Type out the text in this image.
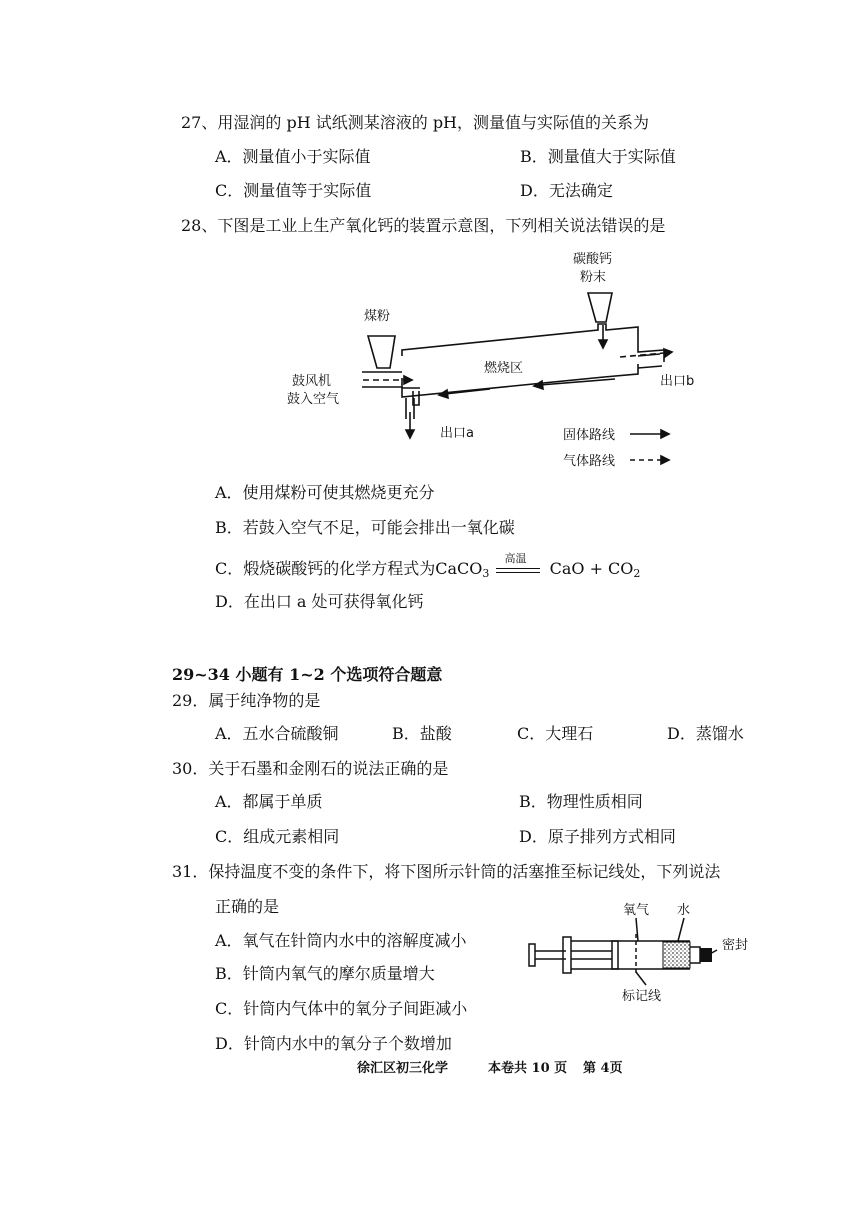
27、用湿润的 pH 试纸测某溶液的 pH，测量值与实际值的关系为
A．测量值小于实际值	B．测量值大于实际值
C．测量值等于实际值	D．无法确定
28、下图是工业上生产氧化钙的装置示意图，下列相关说法错误的是
碳酸钙
粉末
煤粉
鼓风机
鼓入空气
燃烧区
出口b
出口a	固体路线
气体路线
A．使用煤粉可使其燃烧更充分
B．若鼓入空气不足，可能会排出一氧化碳
C．煅烧碳酸钙的化学方程式为CaCO$_3$
高温
CaO + $CO_2$
D．在出口 a 处可获得氧化钙
29~34 小题有 1~2 个选项符合题意
29．属于纯净物的是
A．五水合硫酸铜	B．盐酸	C．大理石	D．蒸馏水
30．关于石墨和金刚石的说法正确的是
A．都属于单质	B．物理性质相同
C．组成元素相同	D．原子排列方式相同
31．保持温度不变的条件下，将下图所示针筒的活塞推至标记线处，下列说法
正确的是
A．氧气在针筒内水中的溶解度减小
B．针筒内氧气的摩尔质量增大
C．针筒内气体中的氧分子间距减小
D．针筒内水中的氧分子个数增加
氧气 水
密封
标记线
徐汇区初三化学	本卷共 10 页 第 4页
